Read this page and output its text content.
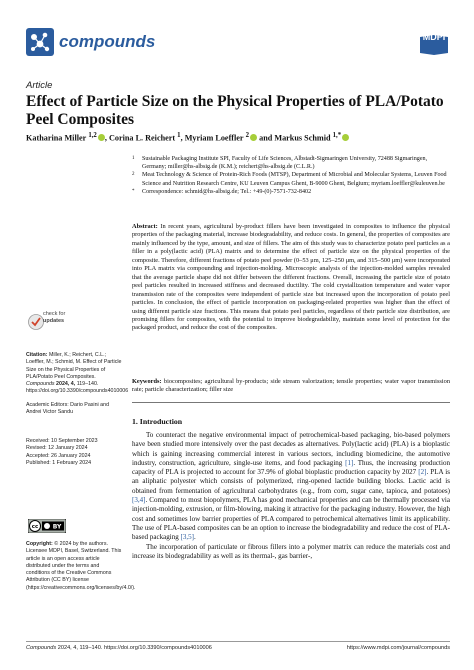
compounds	MDPI
Article
Effect of Particle Size on the Physical Properties of PLA/Potato Peel Composites
Katharina Miller $^{1,2}$ , Corina L. Reichert $^1$, Myriam Loeffler $^2$ and Markus Schmid $^{1,*}$
1	Sustainable Packaging Institute SPI, Faculty of Life Sciences, Albstadt-Sigmaringen University, 72488 Sigmaringen, Germany; miller@hs-albsig.de (K.M.); reichert@hs-albsig.de (C.L.R.)
2	Meat Technology & Science of Protein-Rich Foods (MTSP), Department of Microbial and Molecular Systems, Leuven Food Science and Nutrition Research Centre, KU Leuven Campus Ghent, B-9000 Ghent, Belgium; myriam.loeffler@kuleuven.be
*	Correspondence: schmid@hs-albsig.de; Tel.: +49-(0)-7571-732-8402
Abstract: In recent years, agricultural by-product fillers have been investigated in composites to influence the physical properties of the packaging material, increase biodegradability, and reduce costs. In general, the properties of composites are mainly influenced by the type, amount, and size of fillers. The aim of this study was to characterize potato peel particles as a filler in a poly(lactic acid) (PLA) matrix and to determine the effect of particle size on the physical properties of the composite. Therefore, different fractions of potato peel powder (0–53 μm, 125–250 μm, and 315–500 μm) were incorporated into PLA matrix via compounding and injection-molding. Microscopic analysis of the injection-molded samples revealed that the average particle shape did not differ between the different fractions. Overall, increasing the particle size of potato peel particles resulted in increased stiffness and decreased ductility. The cold crystallization temperature and water vapor transmission rate of the composites were independent of particle size but increased upon the incorporation of potato peel particles. In conclusion, the effect of particle incorporation on packaging-related properties was higher than the effect of using different particle size fractions. This means that potato peel particles, regardless of their particle size distribution, are promising fillers for composites, with the potential to improve biodegradability, maintain some level of protection for the packaged product, and reduce the cost of the composites.
Keywords: biocomposites; agricultural by-products; side stream valorization; tensile properties; water vapor transmission rate; particle characterization; filler size
check for
updates
Citation: Miller, K.; Reichert, C.L.; Loeffler, M.; Schmid, M. Effect of Particle Size on the Physical Properties of PLA/Potato Peel Composites. Compounds 2024, 4, 119–140. https://doi.org/10.3390/compounds4010006
Academic Editors: Dario Pasini and Andrei Victor Sandu
Received: 10 September 2023
Revised: 12 January 2024
Accepted: 26 January 2024
Published: 1 February 2024
cc BY
Copyright: © 2024 by the authors. Licensee MDPI, Basel, Switzerland. This article is an open access article distributed under the terms and conditions of the Creative Commons Attribution (CC BY) license (https://creativecommons.org/licenses/by/4.0/).
1. Introduction

To counteract the negative environmental impact of petrochemical-based packaging, bio-based polymers have been studied more intensively over the past decades as alternatives. Poly(lactic acid) (PLA) is a bioplastic which is gaining increasing commercial interest in various sectors, including biomedicine, the automotive industry, construction, agriculture, single-use items, and food packaging [1]. Thus, the increasing production capacity of PLA is projected to account for 37.9% of global bioplastic production capacity by 2027 [2]. PLA is an aliphatic polyester which consists of polymerized, ring-opened lactide building blocks. Lactic acid is obtained from fermentation of agricultural carbohydrates (e.g., from corn, sugar cane, tapioca, and potatoes) [3,4]. Compared to most biopolymers, PLA has good mechanical properties and can be thermally processed via injection-molding, extrusion, or film-blowing, making it attractive for the packaging industry. However, the high cost and sometimes low barrier properties of PLA compared to petrochemical alternatives limit its applicability. The use of PLA-based composites can be an option to increase the biodegradability and reduce the cost of PLA-based packaging [3,5].

The incorporation of particulate or fibrous fillers into a polymer matrix can reduce the materials cost and increase its biodegradability as well as its thermal-, gas barrier-,

Compounds 2024, 4, 119–140. https://doi.org/10.3390/compounds4010006	https://www.mdpi.com/journal/compounds
